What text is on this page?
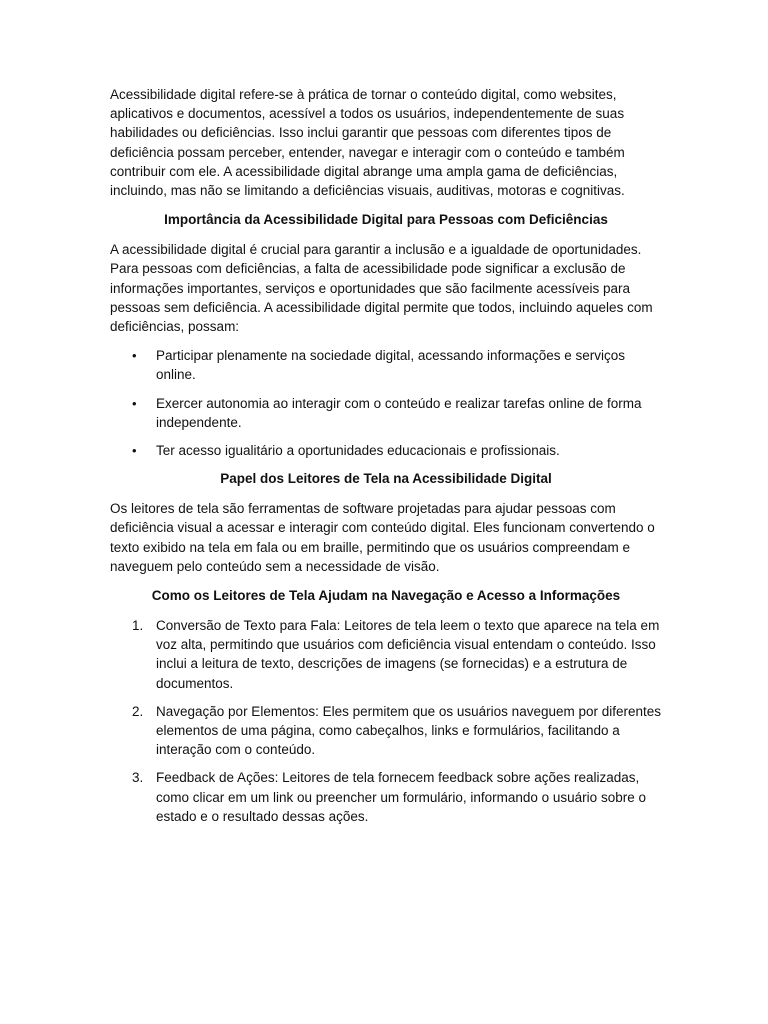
Acessibilidade digital refere-se à prática de tornar o conteúdo digital, como websites, aplicativos e documentos, acessível a todos os usuários, independentemente de suas habilidades ou deficiências. Isso inclui garantir que pessoas com diferentes tipos de deficiência possam perceber, entender, navegar e interagir com o conteúdo e também contribuir com ele. A acessibilidade digital abrange uma ampla gama de deficiências, incluindo, mas não se limitando a deficiências visuais, auditivas, motoras e cognitivas.

Importância da Acessibilidade Digital para Pessoas com Deficiências

A acessibilidade digital é crucial para garantir a inclusão e a igualdade de oportunidades. Para pessoas com deficiências, a falta de acessibilidade pode significar a exclusão de informações importantes, serviços e oportunidades que são facilmente acessíveis para pessoas sem deficiência. A acessibilidade digital permite que todos, incluindo aqueles com deficiências, possam:

• Participar plenamente na sociedade digital, acessando informações e serviços online.
• Exercer autonomia ao interagir com o conteúdo e realizar tarefas online de forma independente.
• Ter acesso igualitário a oportunidades educacionais e profissionais.
Papel dos Leitores de Tela na Acessibilidade Digital

Os leitores de tela são ferramentas de software projetadas para ajudar pessoas com deficiência visual a acessar e interagir com conteúdo digital. Eles funcionam convertendo o texto exibido na tela em fala ou em braille, permitindo que os usuários compreendam e naveguem pelo conteúdo sem a necessidade de visão.

Como os Leitores de Tela Ajudam na Navegação e Acesso a Informações
1. Conversão de Texto para Fala: Leitores de tela leem o texto que aparece na tela em voz alta, permitindo que usuários com deficiência visual entendam o conteúdo. Isso inclui a leitura de texto, descrições de imagens (se fornecidas) e a estrutura de documentos.
2. Navegação por Elementos: Eles permitem que os usuários naveguem por diferentes elementos de uma página, como cabeçalhos, links e formulários, facilitando a interação com o conteúdo.
3. Feedback de Ações: Leitores de tela fornecem feedback sobre ações realizadas, como clicar em um link ou preencher um formulário, informando o usuário sobre o estado e o resultado dessas ações.
